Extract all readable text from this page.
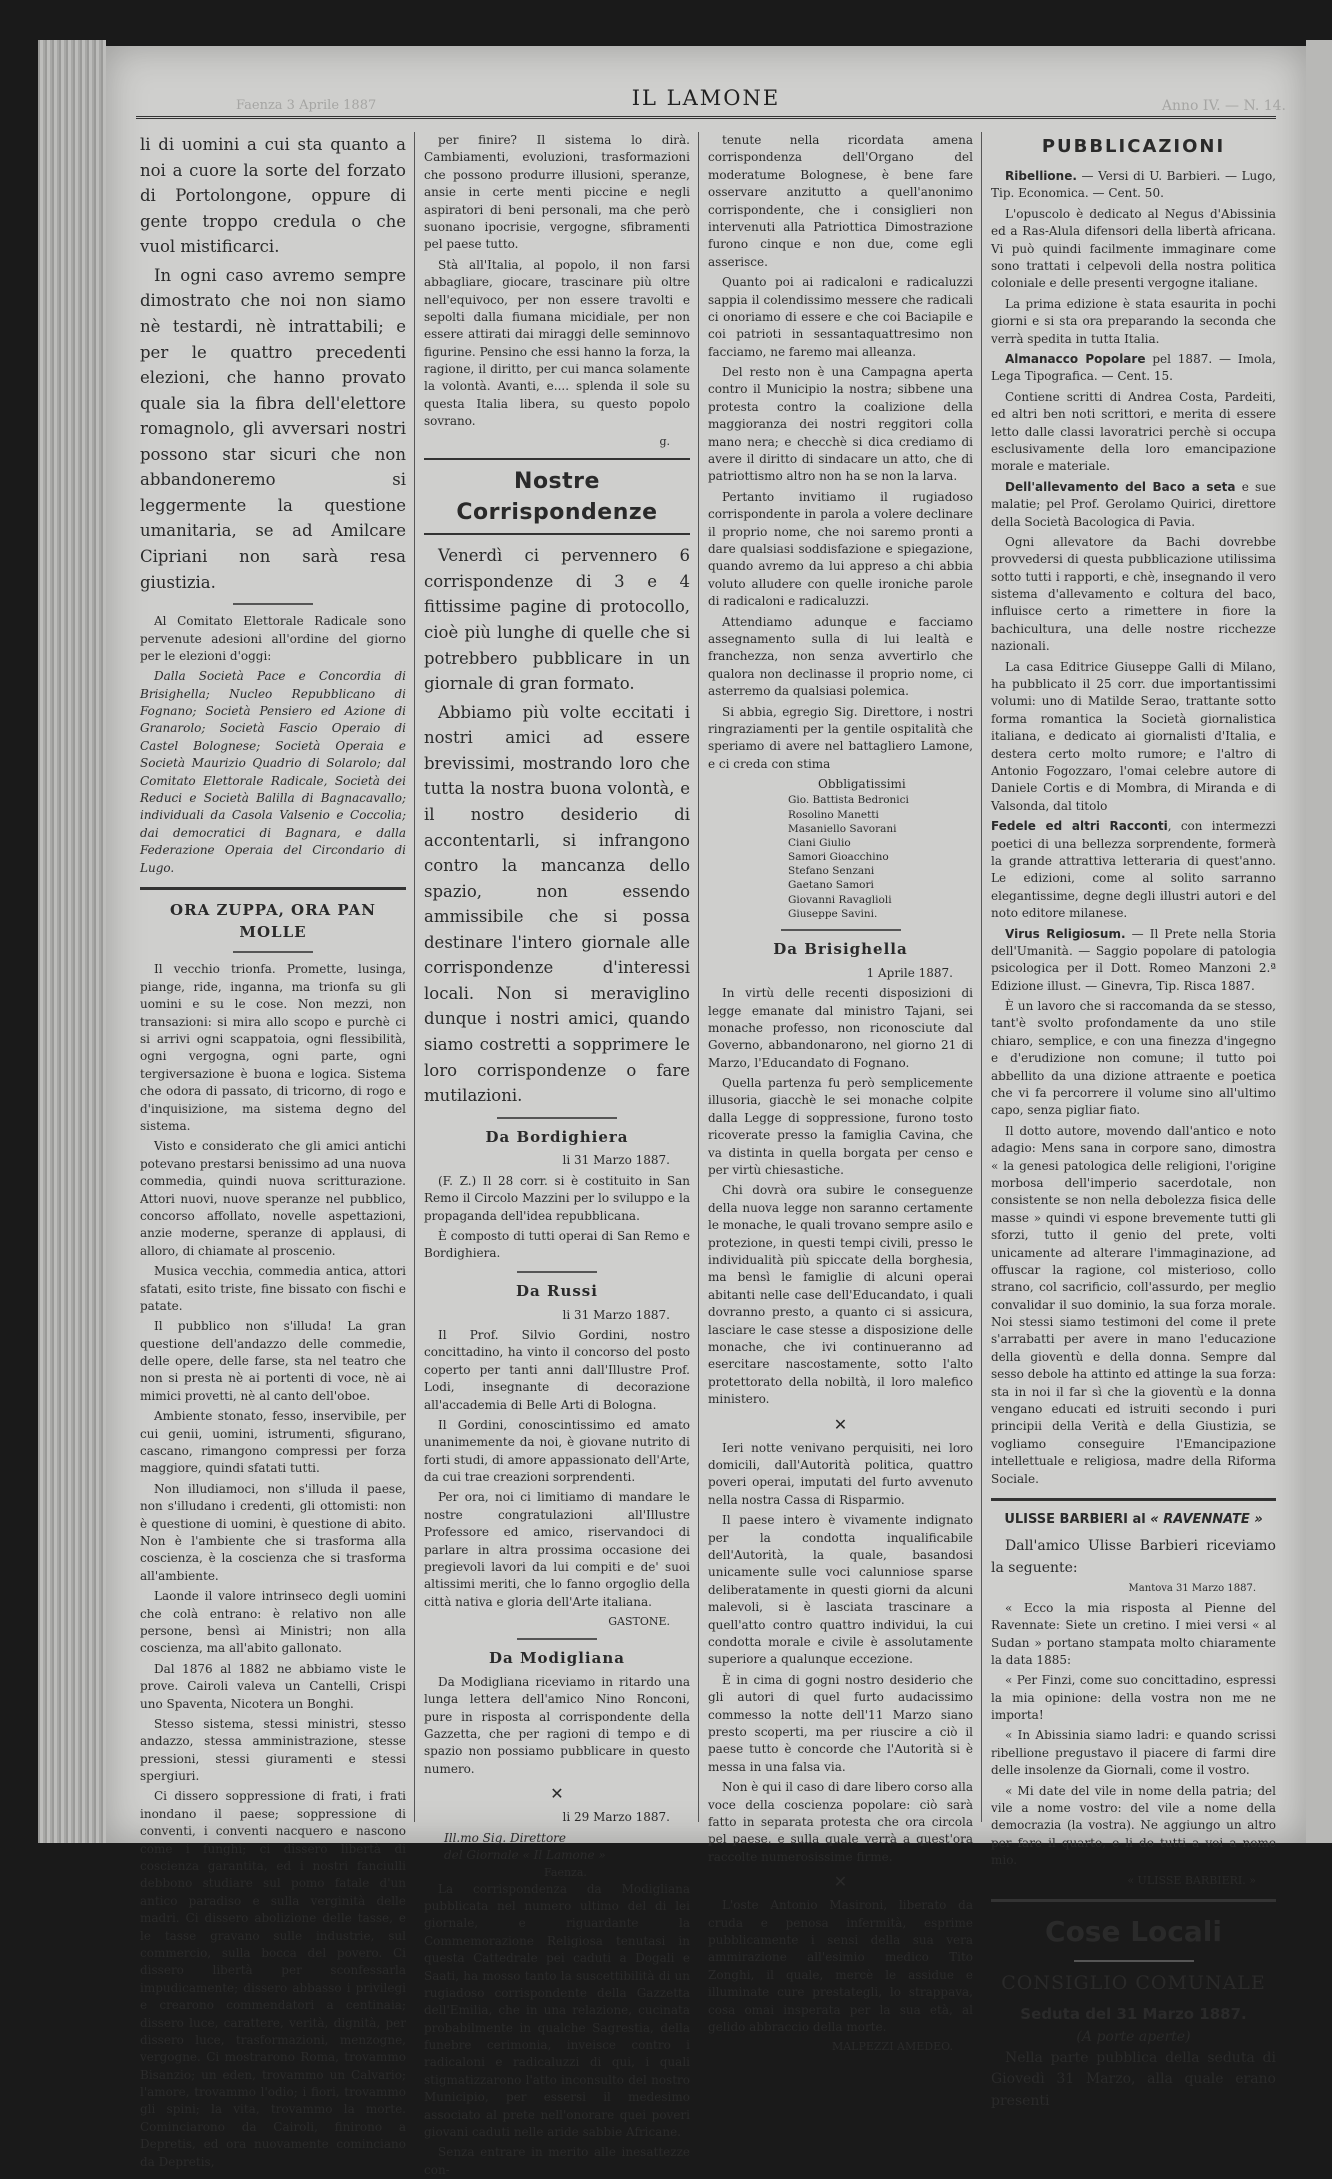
Faenza 3 Aprile 1887	IL LAMONE	Anno IV. — N. 14.

li di uomini a cui sta quanto a noi a cuore la sorte del forzato di Portolongone, oppure di gente troppo credula o che vuol mistificarci.

In ogni caso avremo sempre dimostrato che noi non siamo nè testardi, nè intrattabili; e per le quattro precedenti elezioni, che hanno provato quale sia la fibra dell'elettore romagnolo, gli avversari nostri possono star sicuri che non abbandoneremo si leggermente la questione umanitaria, se ad Amilcare Cipriani non sarà resa giustizia.

Al Comitato Elettorale Radicale sono pervenute adesioni all'ordine del giorno per le elezioni d'oggi:

Dalla Società Pace e Concordia di Brisighella; Nucleo Repubblicano di Fognano; Società Pensiero ed Azione di Granarolo; Società Fascio Operaio di Castel Bolognese; Società Operaia e Società Maurizio Quadrio di Solarolo; dal Comitato Elettorale Radicale, Società dei Reduci e Società Balilla di Bagnacavallo; individuali da Casola Valsenio e Coccolia; dai democratici di Bagnara, e dalla Federazione Operaia del Circondario di Lugo.

ORA ZUPPA, ORA PAN MOLLE

Il vecchio trionfa. Promette, lusinga, piange, ride, inganna, ma trionfa su gli uomini e su le cose. Non mezzi, non transazioni: si mira allo scopo e purchè ci si arrivi ogni scappatoia, ogni flessibilità, ogni vergogna, ogni parte, ogni tergiversazione è buona e logica. Sistema che odora di passato, di tricorno, di rogo e d'inquisizione, ma sistema degno del sistema.

Visto e considerato che gli amici antichi potevano prestarsi benissimo ad una nuova commedia, quindi nuova scritturazione. Attori nuovi, nuove speranze nel pubblico, concorso affollato, novelle aspettazioni, anzie moderne, speranze di applausi, di alloro, di chiamate al proscenio.

Musica vecchia, commedia antica, attori sfatati, esito triste, fine bissato con fischi e patate.

Il pubblico non s'illuda! La gran questione dell'andazzo delle commedie, delle opere, delle farse, sta nel teatro che non si presta nè ai portenti di voce, nè ai mimici provetti, nè al canto dell'oboe.

Ambiente stonato, fesso, inservibile, per cui genii, uomini, istrumenti, sfigurano, cascano, rimangono compressi per forza maggiore, quindi sfatati tutti.

Non illudiamoci, non s'illuda il paese, non s'illudano i credenti, gli ottomisti: non è questione di uomini, è questione di abito. Non è l'ambiente che si trasforma alla coscienza, è la coscienza che si trasforma all'ambiente.

Laonde il valore intrinseco degli uomini che colà entrano: è relativo non alle persone, bensì ai Ministri; non alla coscienza, ma all'abito gallonato.

Dal 1876 al 1882 ne abbiamo viste le prove. Cairoli valeva un Cantelli, Crispi uno Spaventa, Nicotera un Bonghi.

Stesso sistema, stessi ministri, stesso andazzo, stessa amministrazione, stesse pressioni, stessi giuramenti e stessi spergiuri.

Ci dissero soppressione di frati, i frati inondano il paese; soppressione di conventi, i conventi nacquero e nascono come i funghi; ci dissero libertà di coscienza garantita, ed i nostri fanciulli debbono studiare sul pomo fatale d'un antico paradiso e sulla verginità delle madri. Ci dissero abolizione delle tasse, e le tasse gravano sulle industrie, sul commercio, sulla bocca del povero. Ci dissero libertà per sconfessarla impudicamente; dissero abbasso i privilegi e crearono commendatori a centinaia; dissero luce, carattere, verità, dignità, per dissero luce, trasformazioni, menzogne, vergogne. Ci mostrarono Roma, trovammo Bisanzio; un eden, trovammo un Calvario; l'amore, trovammo l'odio; i fiori, trovammo gli spini; la vita, trovammo la morte. Cominciarono da Cairoli, finirono a Depretis, ed ora nuovamente cominciano da Depretis,

per finire? Il sistema lo dirà. Cambiamenti, evoluzioni, trasformazioni che possono produrre illusioni, speranze, ansie in certe menti piccine e negli aspiratori di beni personali, ma che però suonano ipocrisie, vergogne, sfibramenti pel paese tutto.

Stà all'Italia, al popolo, il non farsi abbagliare, giocare, trascinare più oltre nell'equivoco, per non essere travolti e sepolti dalla fiumana micidiale, per non essere attirati dai miraggi delle seminnovo figurine. Pensino che essi hanno la forza, la ragione, il diritto, per cui manca solamente la volontà. Avanti, e.... splenda il sole su questa Italia libera, su questo popolo sovrano.

g.
Nostre Corrispondenze

Venerdì ci pervennero 6 corrispondenze di 3 e 4 fittissime pagine di protocollo, cioè più lunghe di quelle che si potrebbero pubblicare in un giornale di gran formato.

Abbiamo più volte eccitati i nostri amici ad essere brevissimi, mostrando loro che tutta la nostra buona volontà, e il nostro desiderio di accontentarli, si infrangono contro la mancanza dello spazio, non essendo ammissibile che si possa destinare l'intero giornale alle corrispondenze d'interessi locali. Non si meraviglino dunque i nostri amici, quando siamo costretti a sopprimere le loro corrispondenze o fare mutilazioni.

Da Bordighiera
li 31 Marzo 1887.

(F. Z.) Il 28 corr. si è costituito in San Remo il Circolo Mazzini per lo sviluppo e la propaganda dell'idea repubblicana.

È composto di tutti operai di San Remo e Bordighiera.

Da Russi
li 31 Marzo 1887.

Il Prof. Silvio Gordini, nostro concittadino, ha vinto il concorso del posto coperto per tanti anni dall'Illustre Prof. Lodi, insegnante di decorazione all'accademia di Belle Arti di Bologna.

Il Gordini, conoscintissimo ed amato unanimemente da noi, è giovane nutrito di forti studi, di amore appassionato dell'Arte, da cui trae creazioni sorprendenti.

Per ora, noi ci limitiamo di mandare le nostre congratulazioni all'Illustre Professore ed amico, riservandoci di parlare in altra prossima occasione dei pregievoli lavori da lui compiti e de' suoi altissimi meriti, che lo fanno orgoglio della città nativa e gloria dell'Arte italiana.

GASTONE.
Da Modigliana

Da Modigliana riceviamo in ritardo una lunga lettera dell'amico Nino Ronconi, pure in risposta al corrispondente della Gazzetta, che per ragioni di tempo e di spazio non possiamo pubblicare in questo numero.

✕
li 29 Marzo 1887.
Ill.mo Sig. Direttore
del Giornale « Il Lamone »
Faenza.

La corrispondenza da Modigliana pubblicata nel numero ultimo del di lei giornale, e riguardante la Commemorazione Religiosa tenutasi in questa Cattedrale pei caduti a Dogali e Saati, ha mosso tanto la suscettibilità di un rugiadoso corrispondente della Gazzetta dell'Emilia, che in una relazione, cucinata probabilmente in qualche Sagrestia, della funebre cerimonia, inveisce contro i radicaloni e radicaluzzi di qui, i quali stigmatizzarono l'atto inconsulto del nostro Municipio, per essersi il medesimo associato al prete nell'onorare quei poveri giovani caduti nelle aride sabbie Africane.

Senza entrare in merito alle inesattezze con-

tenute nella ricordata amena corrispondenza dell'Organo del moderatume Bolognese, è bene fare osservare anzitutto a quell'anonimo corrispondente, che i consiglieri non intervenuti alla Patriottica Dimostrazione furono cinque e non due, come egli asserisce.

Quanto poi ai radicaloni e radicaluzzi sappia il colendissimo messere che radicali ci onoriamo di essere e che coi Baciapile e coi patrioti in sessantaquattresimo non facciamo, ne faremo mai alleanza.

Del resto non è una Campagna aperta contro il Municipio la nostra; sibbene una protesta contro la coalizione della maggioranza dei nostri reggitori colla mano nera; e checchè si dica crediamo di avere il diritto di sindacare un atto, che di patriottismo altro non ha se non la larva.

Pertanto invitiamo il rugiadoso corrispondente in parola a volere declinare il proprio nome, che noi saremo pronti a dare qualsiasi soddisfazione e spiegazione, quando avremo da lui appreso a chi abbia voluto alludere con quelle ironiche parole di radicaloni e radicaluzzi.

Attendiamo adunque e facciamo assegnamento sulla di lui lealtà e franchezza, non senza avvertirlo che qualora non declinasse il proprio nome, ci asterremo da qualsiasi polemica.

Si abbia, egregio Sig. Direttore, i nostri ringraziamenti per la gentile ospitalità che speriamo di avere nel battagliero Lamone, e ci creda con stima

Obbligatissimi
Gio. Battista Bedronici
Rosolino Manetti
Masaniello Savorani
Ciani Giulio
Samori Gioacchino
Stefano Senzani
Gaetano Samori
Giovanni Ravaglioli
Giuseppe Savini.
Da Brisighella
1 Aprile 1887.

In virtù delle recenti disposizioni di legge emanate dal ministro Tajani, sei monache professo, non riconosciute dal Governo, abbandonarono, nel giorno 21 di Marzo, l'Educandato di Fognano.

Quella partenza fu però semplicemente illusoria, giacchè le sei monache colpite dalla Legge di soppressione, furono tosto ricoverate presso la famiglia Cavina, che va distinta in quella borgata per censo e per virtù chiesastiche.

Chi dovrà ora subire le conseguenze della nuova legge non saranno certamente le monache, le quali trovano sempre asilo e protezione, in questi tempi civili, presso le individualità più spiccate della borghesia, ma bensì le famiglie di alcuni operai abitanti nelle case dell'Educandato, i quali dovranno presto, a quanto ci si assicura, lasciare le case stesse a disposizione delle monache, che ivi continueranno ad esercitare nascostamente, sotto l'alto protettorato della nobiltà, il loro malefico ministero.

✕

Ieri notte venivano perquisiti, nei loro domicili, dall'Autorità politica, quattro poveri operai, imputati del furto avvenuto nella nostra Cassa di Risparmio.

Il paese intero è vivamente indignato per la condotta inqualificabile dell'Autorità, la quale, basandosi unicamente sulle voci calunniose sparse deliberatamente in questi giorni da alcuni malevoli, si è lasciata trascinare a quell'atto contro quattro individui, la cui condotta morale e civile è assolutamente superiore a qualunque eccezione.

È in cima di gogni nostro desiderio che gli autori di quel furto audacissimo commesso la notte dell'11 Marzo siano presto scoperti, ma per riuscire a ciò il paese tutto è concorde che l'Autorità si è messa in una falsa via.

Non è qui il caso di dare libero corso alla voce della coscienza popolare: ciò sarà fatto in separata protesta che ora circola pel paese, e sulla quale verrà a quest'ora raccolte numerosissime firme.

✕

L'oste Antonio Masironi, liberato da cruda e penosa infermità, esprime pubblicamente i sensi della sua vera ammirazione all'esimio medico Tito Zonghi, il quale, mercè le assidue e illuminate cure prestategli, lo strappava, cosa omai insperata per la sua età, al gelido abbraccio della morte.

MALPEZZI AMEDEO.
PUBBLICAZIONI

Ribellione. — Versi di U. Barbieri. — Lugo, Tip. Economica. — Cent. 50.

L'opuscolo è dedicato al Negus d'Abissinia ed a Ras-Alula difensori della libertà africana. Vi può quindi facilmente immaginare come sono trattati i celpevoli della nostra politica coloniale e delle presenti vergogne italiane.

La prima edizione è stata esaurita in pochi giorni e si sta ora preparando la seconda che verrà spedita in tutta Italia.

Almanacco Popolare pel 1887. — Imola, Lega Tipografica. — Cent. 15.

Contiene scritti di Andrea Costa, Pardeiti, ed altri ben noti scrittori, e merita di essere letto dalle classi lavoratrici perchè si occupa esclusivamente della loro emancipazione morale e materiale.

Dell'allevamento del Baco a seta e sue malatie; pel Prof. Gerolamo Quirici, direttore della Società Bacologica di Pavia.

Ogni allevatore da Bachi dovrebbe provvedersi di questa pubblicazione utilissima sotto tutti i rapporti, e chè, insegnando il vero sistema d'allevamento e coltura del baco, influisce certo a rimettere in fiore la bachicultura, una delle nostre ricchezze nazionali.

La casa Editrice Giuseppe Galli di Milano, ha pubblicato il 25 corr. due importantissimi volumi: uno di Matilde Serao, trattante sotto forma romantica la Società giornalistica italiana, e dedicato ai giornalisti d'Italia, e destera certo molto rumore; e l'altro di Antonio Fogozzaro, l'omai celebre autore di Daniele Cortis e di Mombra, di Miranda e di Valsonda, dal titolo

Fedele ed altri Racconti, con intermezzi poetici di una bellezza sorprendente, formerà la grande attrattiva letteraria di quest'anno. Le edizioni, come al solito sarranno elegantissime, degne degli illustri autori e del noto editore milanese.

Virus Religiosum. — Il Prete nella Storia dell'Umanità. — Saggio popolare di patologia psicologica per il Dott. Romeo Manzoni 2.ª Edizione illust. — Ginevra, Tip. Risca 1887.

È un lavoro che si raccomanda da se stesso, tant'è svolto profondamente da uno stile chiaro, semplice, e con una finezza d'ingegno e d'erudizione non comune; il tutto poi abbellito da una dizione attraente e poetica che vi fa percorrere il volume sino all'ultimo capo, senza pigliar fiato.

Il dotto autore, movendo dall'antico e noto adagio: Mens sana in corpore sano, dimostra « la genesi patologica delle religioni, l'origine morbosa dell'imperio sacerdotale, non consistente se non nella debolezza fisica delle masse » quindi vi espone brevemente tutti gli sforzi, tutto il genio del prete, volti unicamente ad alterare l'immaginazione, ad offuscar la ragione, col misterioso, collo strano, col sacrificio, coll'assurdo, per meglio convalidar il suo dominio, la sua forza morale. Noi stessi siamo testimoni del come il prete s'arrabatti per avere in mano l'educazione della gioventù e della donna. Sempre dal sesso debole ha attinto ed attinge la sua forza: sta in noi il far sì che la gioventù e la donna vengano educati ed istruiti secondo i puri principii della Verità e della Giustizia, se vogliamo conseguire l'Emancipazione intellettuale e religiosa, madre della Riforma Sociale.

ULISSE BARBIERI al « RAVENNATE »

Dall'amico Ulisse Barbieri riceviamo la seguente:

Mantova 31 Marzo 1887.

« Ecco la mia risposta al Pienne del Ravennate: Siete un cretino. I miei versi « al Sudan » portano stampata molto chiaramente la data 1885:

« Per Finzi, come suo concittadino, espressi la mia opinione: della vostra non me ne importa!

« In Abissinia siamo ladri: e quando scrissi ribellione pregustavo il piacere di farmi dire delle insolenze da Giornali, come il vostro.

« Mi date del vile in nome della patria; del vile a nome vostro: del vile a nome della democrazia (la vostra). Ne aggiungo un altro per fare il quarto, e li do tutti a voi a nome mio.

« ULISSE BARBIERI. »
Cose Locali
CONSIGLIO COMUNALE
Seduta del 31 Marzo 1887.
(A porte aperte)

Nella parte pubblica della seduta di Giovedì 31 Marzo, alla quale erano presenti
